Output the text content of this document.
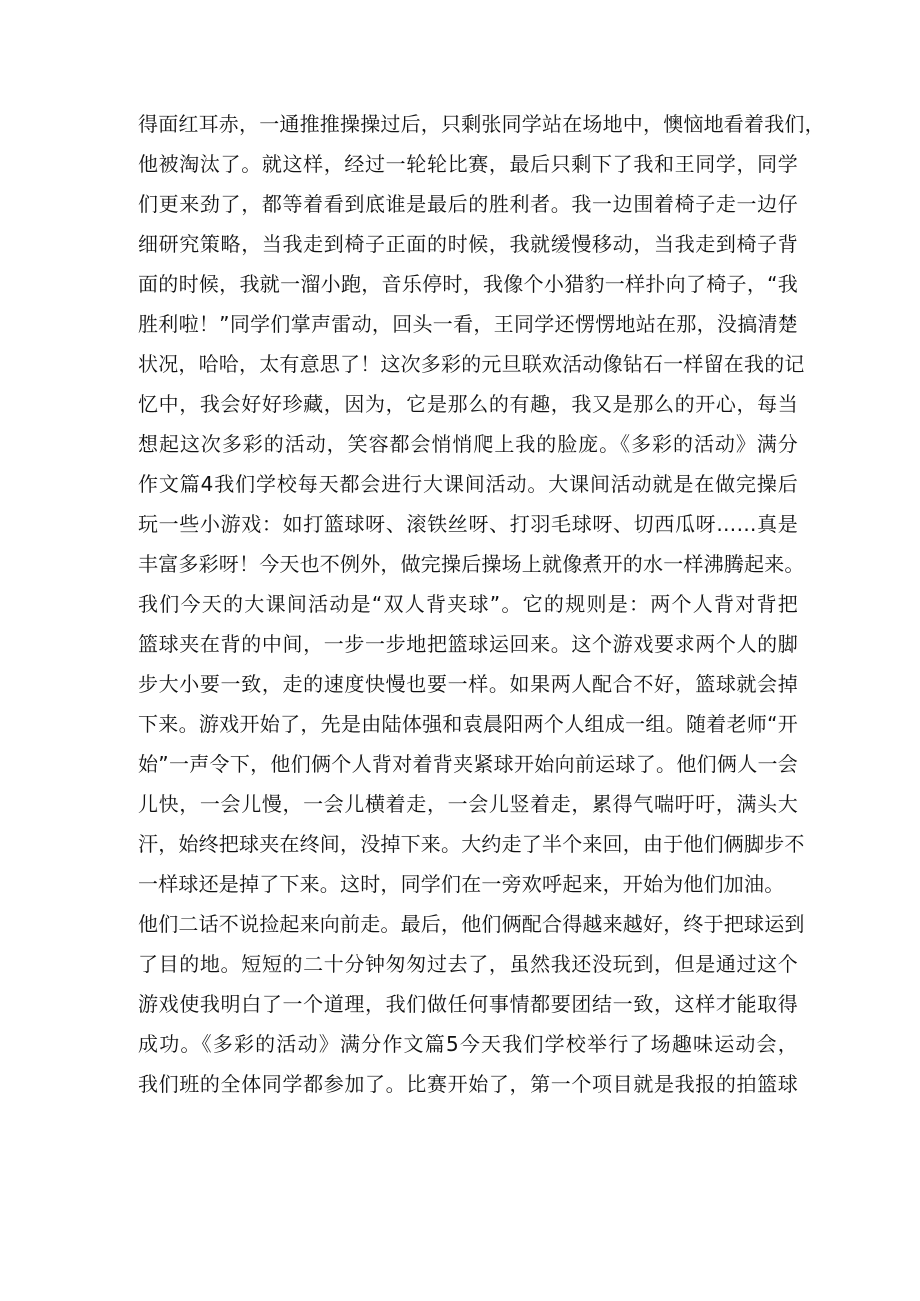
得面红耳赤，一通推推操操过后，只剩张同学站在场地中，懊恼地看着我们，
他被淘汰了。就这样，经过一轮轮比赛，最后只剩下了我和王同学，同学
们更来劲了，都等着看到底谁是最后的胜利者。我一边围着椅子走一边仔
细研究策略，当我走到椅子正面的时候，我就缓慢移动，当我走到椅子背
面的时候，我就一溜小跑，音乐停时，我像个小猎豹一样扑向了椅子，“我
胜利啦！”同学们掌声雷动，回头一看，王同学还愣愣地站在那，没搞清楚
状况，哈哈，太有意思了！这次多彩的元旦联欢活动像钻石一样留在我的记
忆中，我会好好珍藏，因为，它是那么的有趣，我又是那么的开心，每当
想起这次多彩的活动，笑容都会悄悄爬上我的脸庞。《多彩的活动》满分
作文篇4我们学校每天都会进行大课间活动。大课间活动就是在做完操后
玩一些小游戏：如打篮球呀、滚铁丝呀、打羽毛球呀、切西瓜呀……真是
丰富多彩呀！今天也不例外，做完操后操场上就像煮开的水一样沸腾起来。
我们今天的大课间活动是“双人背夹球”。它的规则是：两个人背对背把
篮球夹在背的中间，一步一步地把篮球运回来。这个游戏要求两个人的脚
步大小要一致，走的速度快慢也要一样。如果两人配合不好，篮球就会掉
下来。游戏开始了，先是由陆体强和袁晨阳两个人组成一组。随着老师“开
始”一声令下，他们俩个人背对着背夹紧球开始向前运球了。他们俩人一会
儿快，一会儿慢，一会儿横着走，一会儿竖着走，累得气喘吁吁，满头大
汗，始终把球夹在终间，没掉下来。大约走了半个来回，由于他们俩脚步不
一样球还是掉了下来。这时，同学们在一旁欢呼起来，开始为他们加油。
他们二话不说捡起来向前走。最后，他们俩配合得越来越好，终于把球运到
了目的地。短短的二十分钟匆匆过去了，虽然我还没玩到，但是通过这个
游戏使我明白了一个道理，我们做任何事情都要团结一致，这样才能取得
成功。《多彩的活动》满分作文篇5今天我们学校举行了场趣味运动会，
我们班的全体同学都参加了。比赛开始了，第一个项目就是我报的拍篮球
